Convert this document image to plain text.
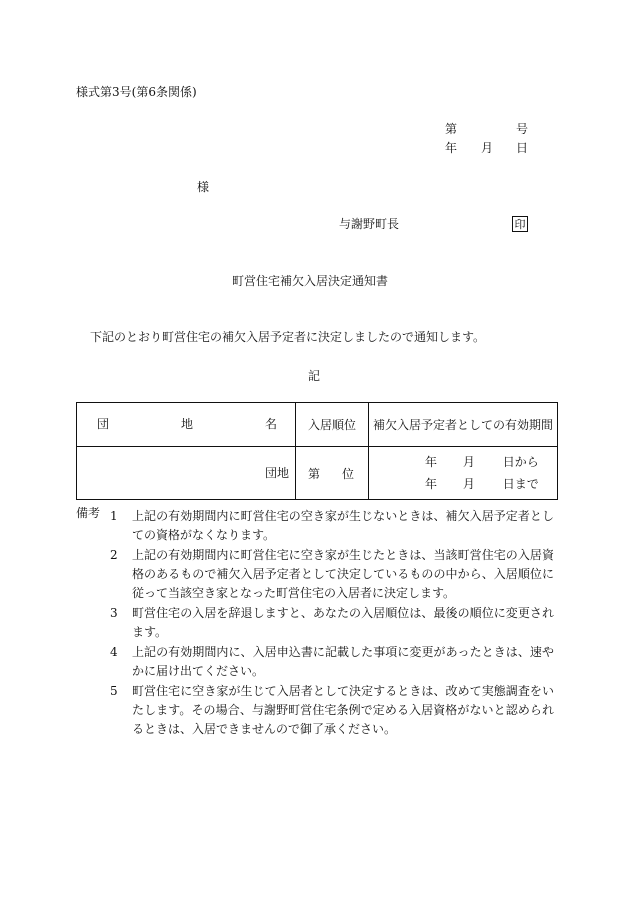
様式第3号(第6条関係)
第	号
年 月 日
様
与謝野町長	印
町営住宅補欠入居決定通知書
下記のとおり町営住宅の補欠入居予定者に決定しましたので通知します。
記
団 地 名	入居順位	補欠入居予定者としての有効期間
団地	第 位	年 月 日から
年 月 日まで
備考 1 上記の有効期間内に町営住宅の空き家が生じないときは、補欠入居予定者としての資格がなくなります。
2 上記の有効期間内に町営住宅に空き家が生じたときは、当該町営住宅の入居資格のあるもので補欠入居予定者として決定しているものの中から、入居順位に従って当該空き家となった町営住宅の入居者に決定します。
3 町営住宅の入居を辞退しますと、あなたの入居順位は、最後の順位に変更されます。
4 上記の有効期間内に、入居申込書に記載した事項に変更があったときは、速やかに届け出てください。
5 町営住宅に空き家が生じて入居者として決定するときは、改めて実態調査をいたします。その場合、与謝野町営住宅条例で定める入居資格がないと認められるときは、入居できませんので御了承ください。
